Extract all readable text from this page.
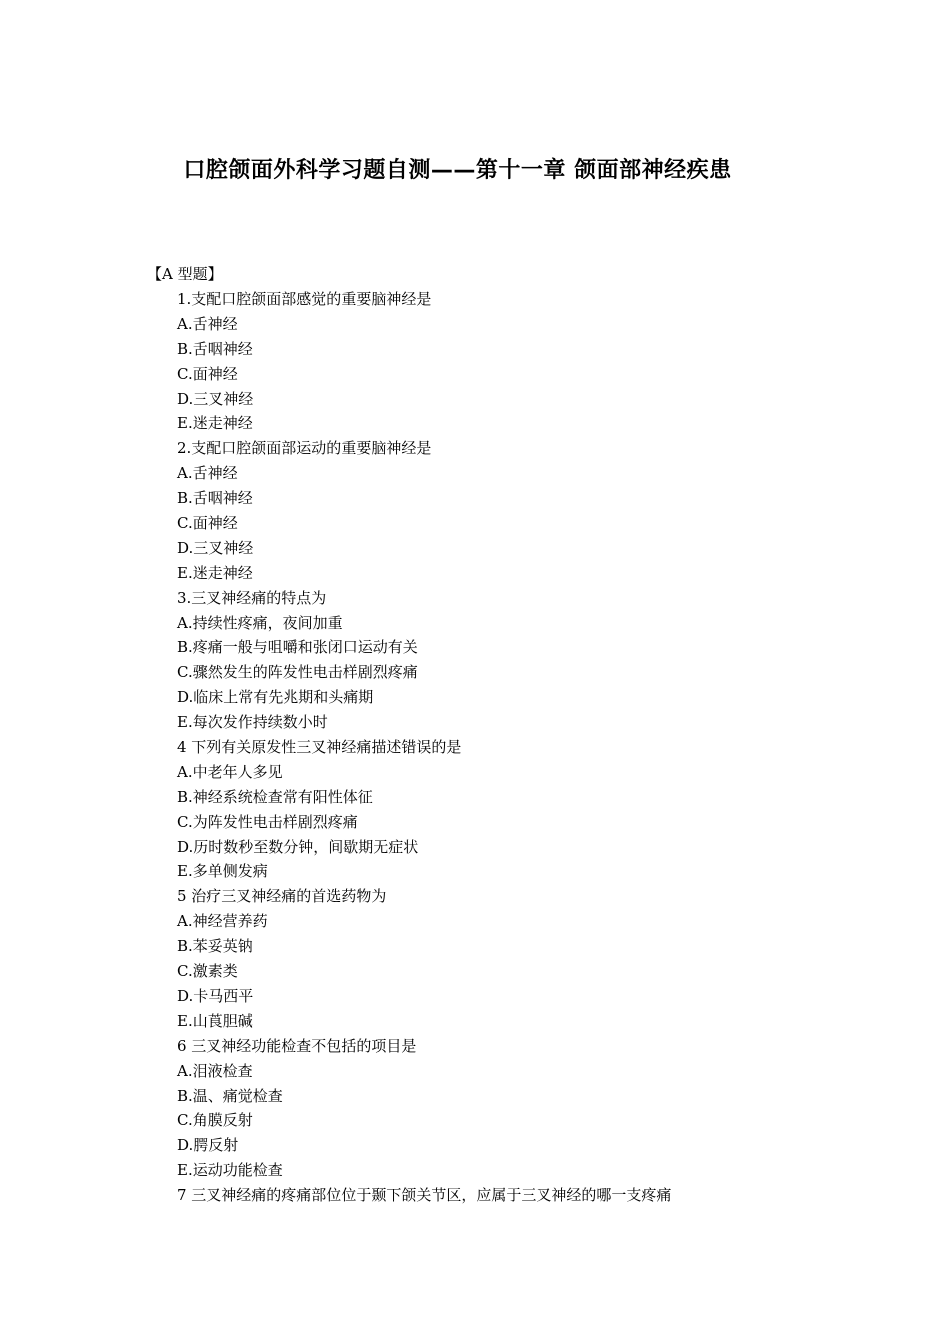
口腔颌面外科学习题自测——第十一章 颌面部神经疾患
【A 型题】
1.支配口腔颌面部感觉的重要脑神经是
A.舌神经
B.舌咽神经
C.面神经
D.三叉神经
E.迷走神经
2.支配口腔颌面部运动的重要脑神经是
A.舌神经
B.舌咽神经
C.面神经
D.三叉神经
E.迷走神经
3.三叉神经痛的特点为
A.持续性疼痛，夜间加重
B.疼痛一般与咀嚼和张闭口运动有关
C.骤然发生的阵发性电击样剧烈疼痛
D.临床上常有先兆期和头痛期
E.每次发作持续数小时
4 下列有关原发性三叉神经痛描述错误的是
A.中老年人多见
B.神经系统检查常有阳性体征
C.为阵发性电击样剧烈疼痛
D.历时数秒至数分钟，间歇期无症状
E.多单侧发病
5 治疗三叉神经痛的首选药物为
A.神经营养药
B.苯妥英钠
C.激素类
D.卡马西平
E.山莨胆碱
6 三叉神经功能检查不包括的项目是
A.泪液检查
B.温、痛觉检查
C.角膜反射
D.腭反射
E.运动功能检查
7 三叉神经痛的疼痛部位位于颞下颌关节区，应属于三叉神经的哪一支疼痛
